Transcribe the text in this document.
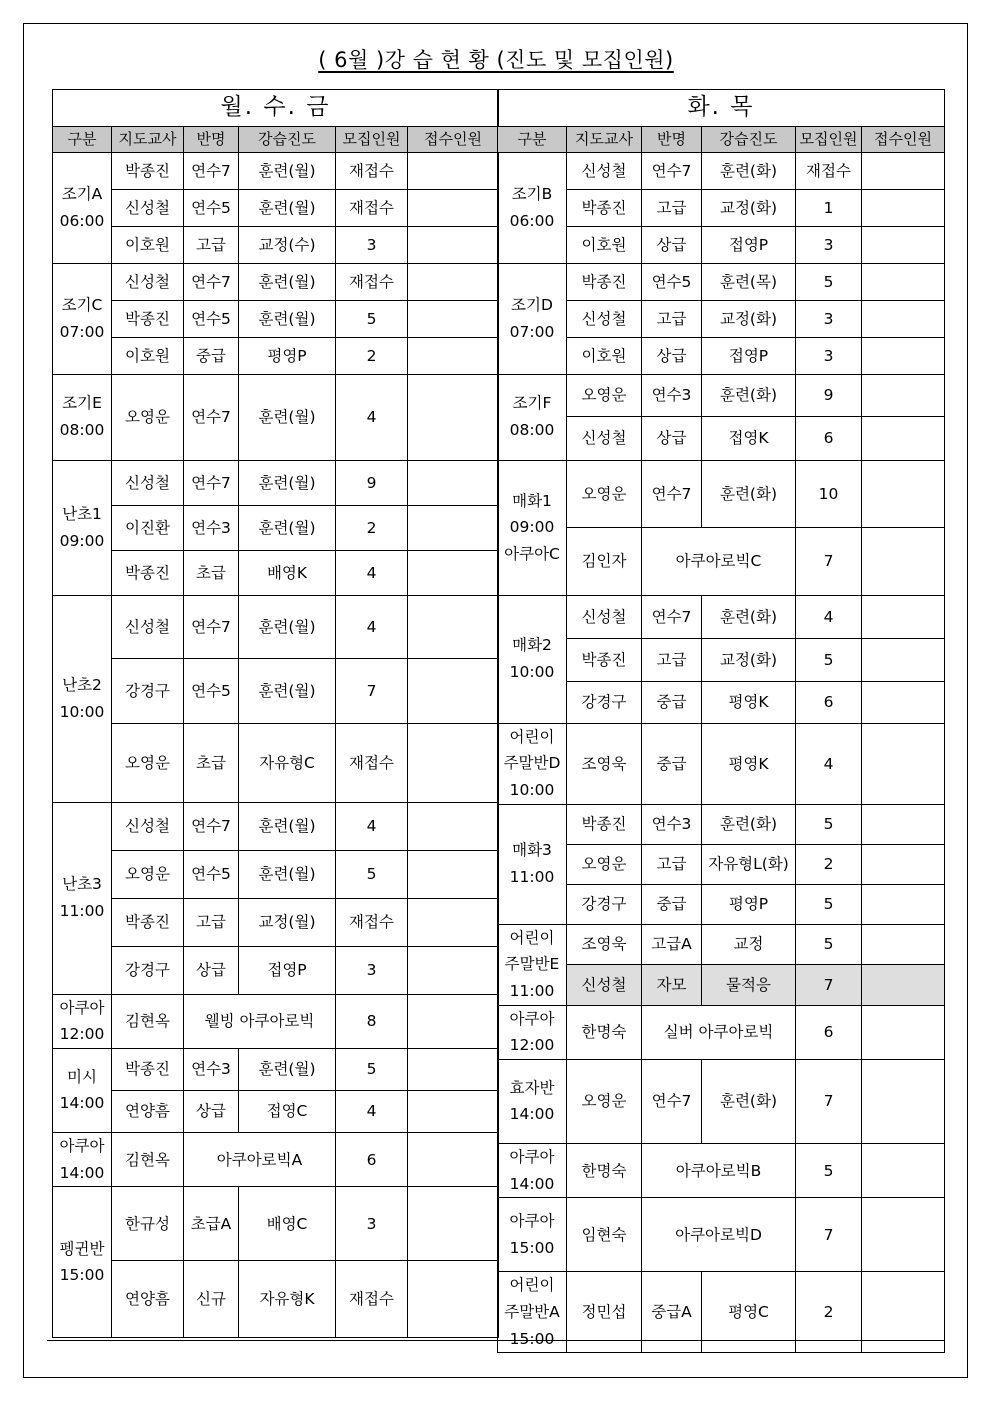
( 6월 )강 습 현 황 (진도 및 모집인원)
월. 수. 금					
구분	지도교사	반명	강습진도	모집인원	접수인원

조기A
06:00	박종진	연수7	훈련(월)	재접수	
	신성철	연수5	훈련(월)	재접수	
	이호원	고급	교정(수)	3	

조기C
07:00	신성철	연수7	훈련(월)	재접수	
	박종진	연수5	훈련(월)	5	
	이호원	중급	평영P	2	

조기E
08:00	오영운	연수7	훈련(월)	4	

난초1
09:00	신성철	연수7	훈련(월)	9	
	이진환	연수3	훈련(월)	2	
	박종진	초급	배영K	4	

난초2
10:00	신성철	연수7	훈련(월)	4	
	강경구	연수5	훈련(월)	7	
	오영운	초급	자유형C	재접수	

난초3
11:00	신성철	연수7	훈련(월)	4	
	오영운	연수5	훈련(월)	5	
	박종진	고급	교정(월)	재접수	
	강경구	상급	접영P	3	

아쿠아
12:00	김현옥	웰빙 아쿠아로빅		8	

미시
14:00	박종진	연수3	훈련(월)	5	
	연양흠	상급	접영C	4	

아쿠아
14:00	김현옥	아쿠아로빅A		6	

펭귄반
15:00	한규성	초급A	배영C	3	
	연양흠	신규	자유형K	재접수	
화. 목					
구분	지도교사	반명	강습진도	모집인원	접수인원

조기B
06:00	신성철	연수7	훈련(화)	재접수	
	박종진	고급	교정(화)	1	
	이호원	상급	접영P	3	

조기D
07:00	박종진	연수5	훈련(목)	5	
	신성철	고급	교정(화)	3	
	이호원	상급	접영P	3	

조기F
08:00	오영운	연수3	훈련(화)	9	
	신성철	상급	접영K	6	

매화1
09:00
아쿠아C	오영운	연수7	훈련(화)	10	
	김인자	아쿠아로빅C		7	

매화2
10:00	신성철	연수7	훈련(화)	4	
	박종진	고급	교정(화)	5	
	강경구	중급	평영K	6	

어린이
주말반D
10:00	조영욱	중급	평영K	4	

매화3
11:00	박종진	연수3	훈련(화)	5	
	오영운	고급	자유형L(화)	2	
	강경구	중급	평영P	5	

어린이
주말반E
11:00	조영욱	고급A	교정	5	
	신성철	자모	물적응	7	

아쿠아
12:00	한명숙	실버 아쿠아로빅		6	

효자반
14:00	오영운	연수7	훈련(화)	7	

아쿠아
14:00	한명숙	아쿠아로빅B		5	

아쿠아
15:00	임현숙	아쿠아로빅D		7	

어린이
주말반A
15:00	정민섭	중급A	평영C	2	
